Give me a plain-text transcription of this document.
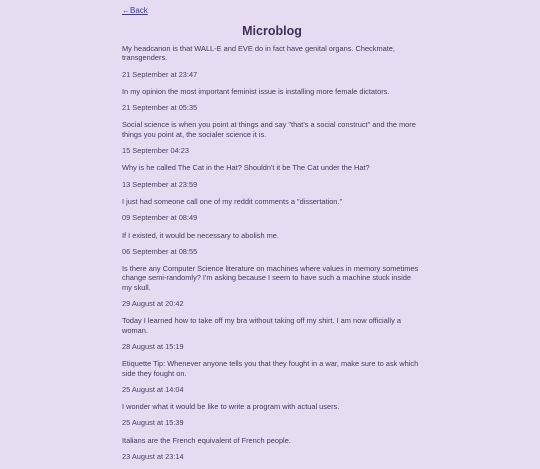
←Back
Microblog

My headcanon is that WALL-E and EVE do in fact have genital organs. Checkmate, transgenders.

21 September at 23:47

In my opinion the most important feminist issue is installing more female dictators.

21 September at 05:35

Social science is when you point at things and say "that's a social construct" and the more things you point at, the socialer science it is.

15 September 04:23

Why is he called The Cat in the Hat? Shouldn't it be The Cat under the Hat?

13 September at 23:59

I just had someone call one of my reddit comments a "dissertation."

09 September at 08:49

If I existed, it would be necessary to abolish me.

06 September at 08:55

Is there any Computer Science literature on machines where values in memory sometimes change semi-randomly? I'm asking because I seem to have such a machine stuck inside my skull.

29 August at 20:42

Today I learned how to take off my bra without taking off my shirt. I am now officially a woman.

28 August at 15:19

Etiquette Tip: Whenever anyone tells you that they fought in a war, make sure to ask which side they fought on.

25 August at 14:04

I wonder what it would be like to write a program with actual users.

25 August at 15:39

Italians are the French equivalent of French people.

23 August at 23:14
